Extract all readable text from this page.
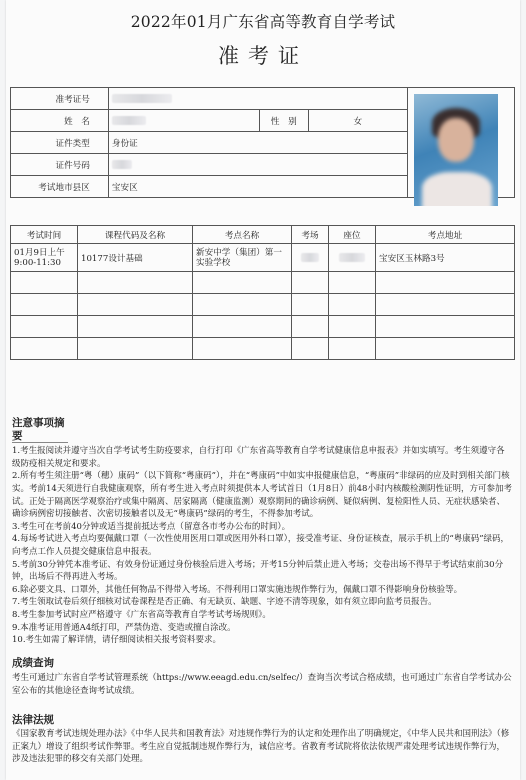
2022年01月广东省高等教育自学考试
准考证
准考证号				

姓　名		性　别	女	
证件类型	身份证			
证件号码				
考试地市县区	宝安区			
考试时间	课程代码及名称	考点名称	考场	座位	考点地址
01月9日上午 9:00-11:30	10177设计基础	新安中学（集团）第一实验学校			宝安区玉林路3号

注意事项摘要

1.考生报阅读并遵守当次自学考试考生防疫要求，自行打印《广东省高等教育自学考试健康信息申报表》并如实填写。考生须遵守各级防疫相关规定和要求。

2.所有考生须注册“粤（穗）康码”（以下简称“粤康码”），并在“粤康码”中如实申报健康信息，“粤康码”非绿码的应及时到相关部门核实。考前14天须进行自我健康观察，所有考生进入考点时须提供本人考试首日（1月8日）前48小时内核酸检测阴性证明，方可参加考试。正处于隔离医学观察治疗或集中隔离、居家隔离（健康监测）观察期间的确诊病例、疑似病例、复检阳性人员、无症状感染者、确诊病例密切接触者、次密切接触者以及无“粤康码”绿码的考生，不得参加考试。

3.考生可在考前40分钟或适当提前抵达考点（留意各市考办公布的时间）。

4.每场考试进入考点均要佩戴口罩（一次性使用医用口罩或医用外科口罩），接受准考证、身份证核查，展示手机上的“粤康码”绿码，向考点工作人员提交健康信息申报表。

5.考前30分钟凭本准考证、有效身份证通过身份核验后进入考场；开考15分钟后禁止进入考场；交卷出场不得早于考试结束前30分钟，出场后不得再进入考场。

6.除必要文具、口罩外，其他任何物品不得带入考场。不得利用口罩实施违规作弊行为，佩戴口罩不得影响身份核验等。

7.考生领取试卷后须仔细核对试卷课程是否正确、有无缺页、缺题、字迹不清等现象，如有须立即向监考员报告。

8.考生参加考试时应严格遵守《广东省高等教育自学考试考场规则》。

9.本准考证用普通A4纸打印，严禁伪造、变造或擅自涂改。

10.考生如需了解详情，请仔细阅读相关报考资料要求。

成绩查询
考生可通过广东省自学考试管理系统（https://www.eeagd.edu.cn/selfec/）查询当次考试合格成绩，也可通过广东省自学考试办公室公布的其他途径查询考试成绩。
法律法规
《国家教育考试违规处理办法》《中华人民共和国教育法》对违规作弊行为的认定和处理作出了明确规定，《中华人民共和国刑法》（修正案九）增设了组织考试作弊罪。考生应自觉抵制违规作弊行为，诚信应考。省教育考试院将依法依规严肃处理考试违规作弊行为，涉及违法犯罪的移交有关部门处理。
